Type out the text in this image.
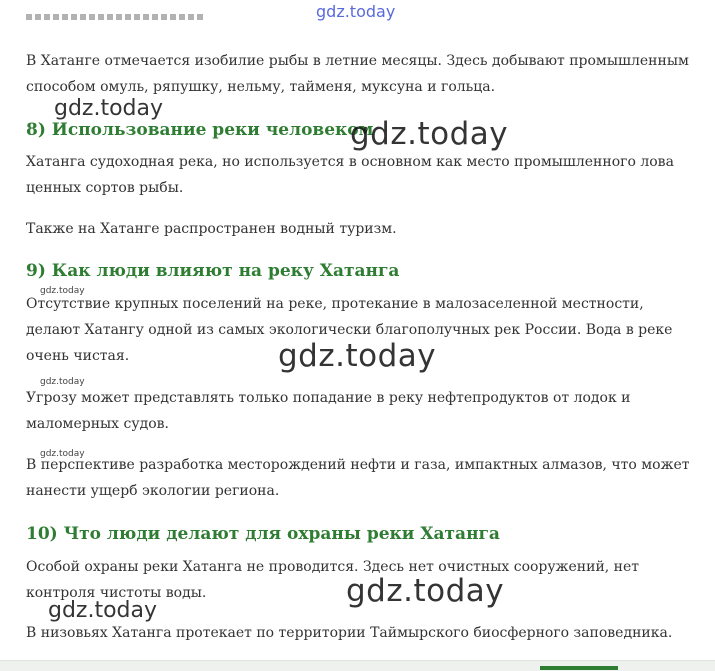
gdz.today

В Хатанге отмечается изобилие рыбы в летние месяцы. Здесь добывают промышленным способом омуль, ряпушку, нельму, тайменя, муксуна и гольца.

gdz.today

8) Использование реки человеком

gdz.today

Хатанга судоходная река, но используется в основном как место промышленного лова ценных сортов рыбы.

Также на Хатанге распространен водный туризм.

9) Как люди влияют на реку Хатанга

gdz.today

Отсутствие крупных поселений на реке, протекание в малозаселенной местности, делают Хатангу одной из самых экологически благополучных рек России. Вода в реке очень чистая.	gdz.today

gdz.today

Угрозу может представлять только попадание в реку нефтепродуктов от лодок и маломерных судов.

gdz.today

В перспективе разработка месторождений нефти и газа, импактных алмазов, что может нанести ущерб экологии региона.

10) Что люди делают для охраны реки Хатанга

Особой охраны реки Хатанга не проводится. Здесь нет очистных сооружений, нет контроля чистоты воды.	gdz.today

gdz.today

В низовьях Хатанга протекает по территории Таймырского биосферного заповедника.
